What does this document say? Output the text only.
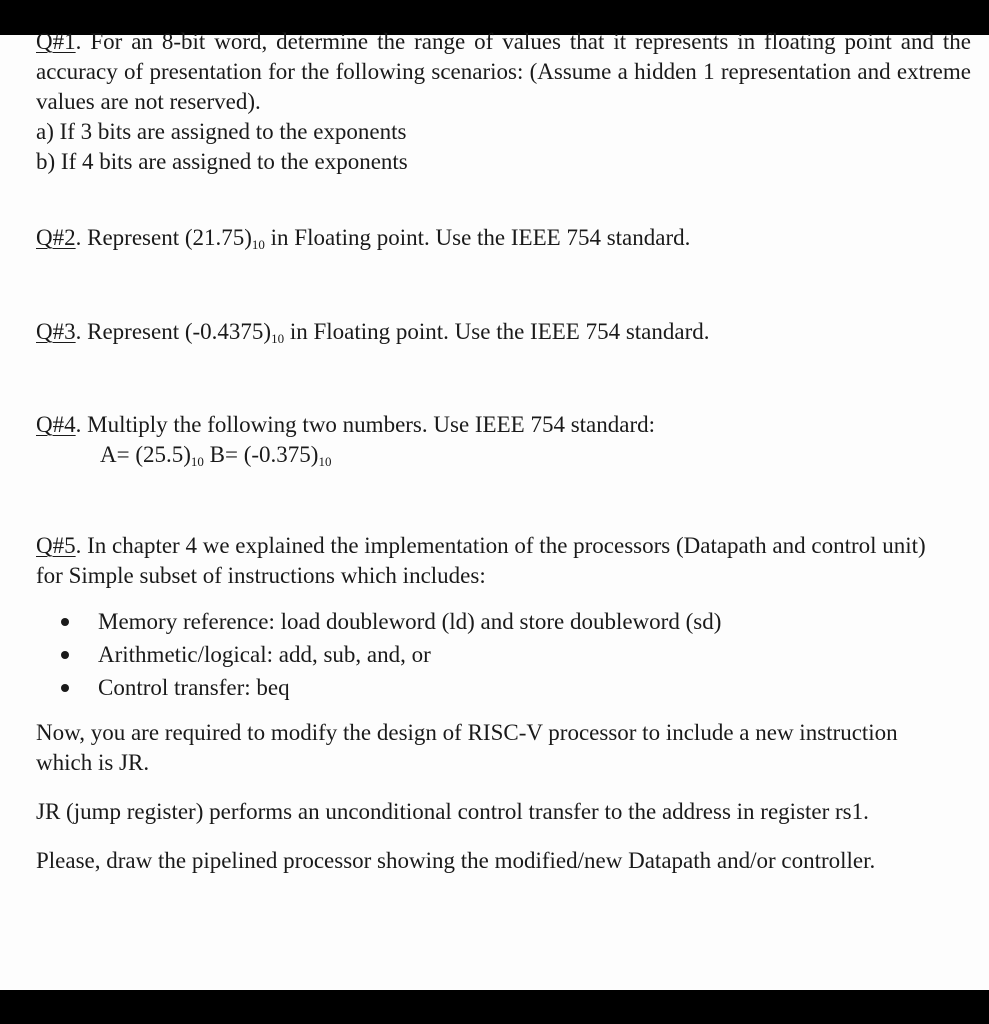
Q#1. For an 8-bit word, determine the range of values that it represents in floating point and the accuracy of presentation for the following scenarios: (Assume a hidden 1 representation and extreme values are not reserved).
a) If 3 bits are assigned to the exponents
b) If 4 bits are assigned to the exponents
Q#2. Represent $(21.75)_{10}$ in Floating point. Use the IEEE 754 standard.
Q#3. Represent $(-0.4375)_{10}$ in Floating point. Use the IEEE 754 standard.
Q#4. Multiply the following two numbers. Use IEEE 754 standard:
$A= (25.5)_{10}$ $B= (-0.375)_{10}$
Q#5. In chapter 4 we explained the implementation of the processors (Datapath and control unit) for Simple subset of instructions which includes:
Memory reference: load doubleword (ld) and store doubleword (sd)
Arithmetic/logical: add, sub, and, or
Control transfer: beq
Now, you are required to modify the design of RISC-V processor to include a new instruction which is JR.
JR (jump register) performs an unconditional control transfer to the address in register rs1.
Please, draw the pipelined processor showing the modified/new Datapath and/or controller.
